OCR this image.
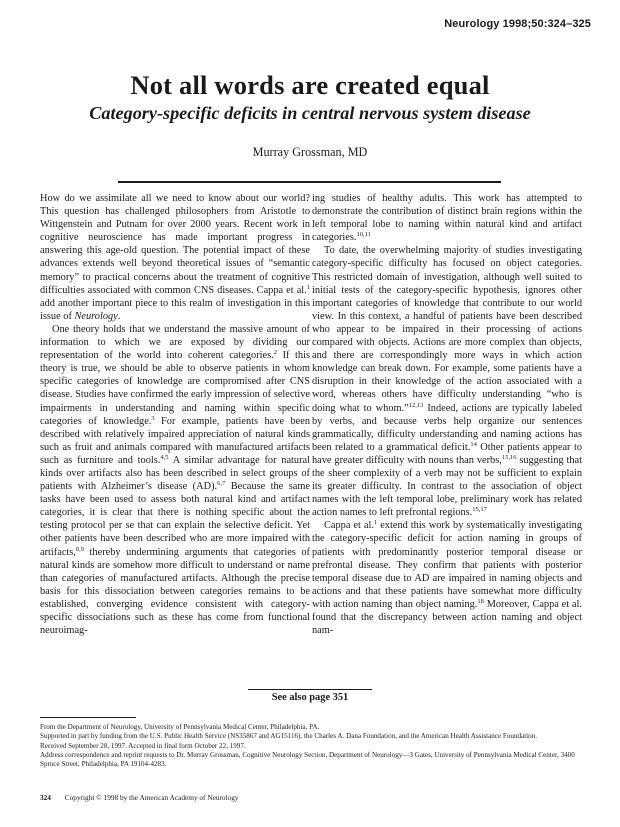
Neurology 1998;50:324–325
Not all words are created equal
Category-specific deficits in central nervous system disease
Murray Grossman, MD

How do we assimilate all we need to know about our world? This question has challenged philosophers from Aristotle to Wittgenstein and Putnam for over 2000 years. Recent work in cognitive neuroscience has made important progress in answering this age-old question. The potential impact of these advances extends well beyond theoretical issues of “semantic memory” to practical concerns about the treatment of cognitive difficulties associated with common CNS diseases. Cappa et al.$^1$ add another important piece to this realm of investigation in this issue of Neurology.

One theory holds that we understand the massive amount of information to which we are exposed by dividing our representation of the world into coherent categories.$^2$ If this theory is true, we should be able to observe patients in whom specific categories of knowledge are compromised after CNS disease. Studies have confirmed the early impression of selective impairments in understanding and naming within specific categories of knowledge.$^3$ For example, patients have been described with relatively impaired appreciation of natural kinds such as fruit and animals compared with manufactured artifacts such as furniture and tools.$^{4,5}$ A similar advantage for natural kinds over artifacts also has been described in select groups of patients with Alzheimer’s disease (AD).$^{6,7}$ Because the same tasks have been used to assess both natural kind and artifact categories, it is clear that there is nothing specific about the testing protocol per se that can explain the selective deficit. Yet other patients have been described who are more impaired with artifacts,$^{8,9}$ thereby undermining arguments that categories of natural kinds are somehow more difficult to understand or name than categories of manufactured artifacts. Although the precise basis for this dissociation between categories remains to be established, converging evidence consistent with category-specific dissociations such as these has come from functional neuroimag-

ing studies of healthy adults. This work has attempted to demonstrate the contribution of distinct brain regions within the left temporal lobe to naming within natural kind and artifact categories.$^{10,11}$

To date, the overwhelming majority of studies investigating category-specific difficulty has focused on object categories. This restricted domain of investigation, although well suited to initial tests of the category-specific hypothesis, ignores other important categories of knowledge that contribute to our world view. In this context, a handful of patients have been described who appear to be impaired in their processing of actions compared with objects. Actions are more complex than objects, and there are correspondingly more ways in which action knowledge can break down. For example, some patients have a disruption in their knowledge of the action associated with a word, whereas others have difficulty understanding “who is doing what to whom.”$^{12,13}$ Indeed, actions are typically labeled by verbs, and because verbs help organize our sentences grammatically, difficulty understanding and naming actions has been related to a grammatical deficit.$^{14}$ Other patients appear to have greater difficulty with nouns than verbs,$^{15,16}$ suggesting that the sheer complexity of a verb may not be sufficient to explain its greater difficulty. In contrast to the association of object names with the left temporal lobe, preliminary work has related action names to left prefrontal regions.$^{15,17}$

Cappa et al.$^1$ extend this work by systematically investigating the category-specific deficit for action naming in groups of patients with predominantly posterior temporal disease or prefrontal disease. They confirm that patients with posterior temporal disease due to AD are impaired in naming objects and actions and that these patients have somewhat more difficulty with action naming than object naming.$^{18}$ Moreover, Cappa et al. found that the discrepancy between action naming and object nam-

See also page 351

From the Department of Neurology, University of Pennsylvania Medical Center, Philadelphia, PA.

Supported in part by funding from the U.S. Public Health Service (NS35867 and AG15116), the Charles A. Dana Foundation, and the American Health Assistance Foundation.

Received September 28, 1997. Accepted in final form October 22, 1997.

Address correspondence and reprint requests to Dr. Murray Grossman, Cognitive Neurology Section, Department of Neurology—3 Gates, University of Pennsylvania Medical Center, 3400 Spruce Street, Philadelphia, PA 19104-4283.

324 Copyright © 1998 by the American Academy of Neurology
